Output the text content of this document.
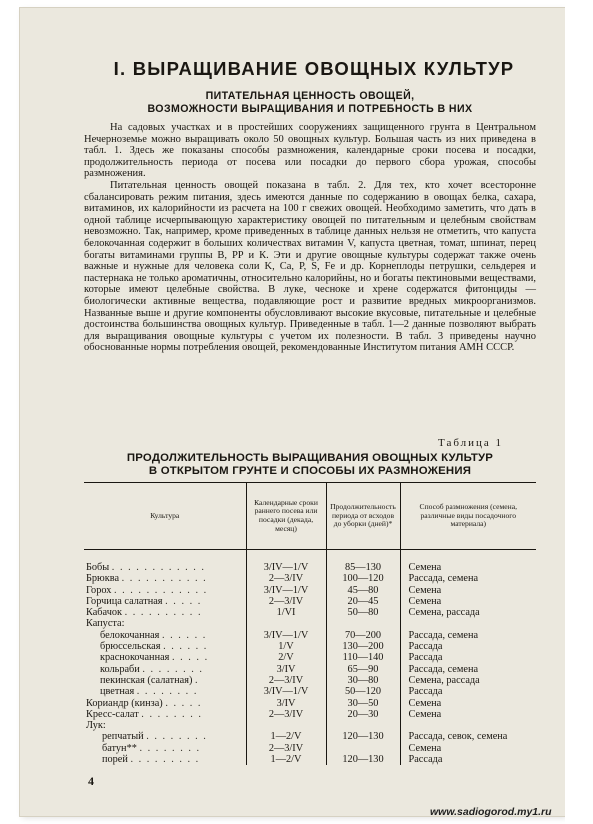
I. ВЫРАЩИВАНИЕ ОВОЩНЫХ КУЛЬТУР
ПИТАТЕЛЬНАЯ ЦЕННОСТЬ ОВОЩЕЙ,
ВОЗМОЖНОСТИ ВЫРАЩИВАНИЯ И ПОТРЕБНОСТЬ В НИХ

На садовых участках и в простейших сооружениях защищенного грунта в Центральном Нечерноземье можно выращивать около 50 овощных культур. Большая часть из них приведена в табл. 1. Здесь же показаны способы размножения, календарные сроки посева и посадки, продолжительность периода от посева или посадки до первого сбора урожая, способы размножения.

Питательная ценность овощей показана в табл. 2. Для тех, кто хочет всесторонне сбалансировать режим питания, здесь имеются данные по содержанию в овощах белка, сахара, витаминов, их калорийности из расчета на 100 г свежих овощей. Необходимо заметить, что дать в одной таблице исчерпывающую характеристику овощей по питательным и целебным свойствам невозможно. Так, например, кроме приведенных в таблице данных нельзя не отметить, что капуста белокочанная содержит в больших количествах витамин V, капуста цветная, томат, шпинат, перец богаты витаминами группы В, РР и К. Эти и другие овощные культуры содержат также очень важные и нужные для человека соли K, Ca, P, S, Fe и др. Корнеплоды петрушки, сельдерея и пастернака не только ароматичны, относительно калорийны, но и богаты пектиновыми веществами, которые имеют целебные свойства. В луке, чесноке и хрене содержатся фитонциды — биологически активные вещества, подавляющие рост и развитие вредных микроорганизмов. Названные выше и другие компоненты обусловливают высокие вкусовые, питательные и целебные достоинства большинства овощных культур. Приведенные в табл. 1—2 данные позволяют выбрать для выращивания овощные культуры с учетом их полезности. В табл. 3 приведены научно обоснованные нормы потребления овощей, рекомендованные Институтом питания АМН СССР.

Таблица 1
ПРОДОЛЖИТЕЛЬНОСТЬ ВЫРАЩИВАНИЯ ОВОЩНЫХ КУЛЬТУР
В ОТКРЫТОМ ГРУНТЕ И СПОСОБЫ ИХ РАЗМНОЖЕНИЯ
Культура	Календарные сроки раннего посева или посадки (декада, месяц)	Продолжительность периода от всходов до уборки (дней)*	Способ размножения (семена, различные виды посадочного материала)

Бобы . . . . . . . . . . . .	3/IV—1/V	85—130	Семена
Брюква . . . . . . . . . . .	2—3/IV	100—120	Рассада, семена
Горох . . . . . . . . . . . .	3/IV—1/V	45—80	Семена
Горчица салатная . . . . .	2—3/IV	20—45	Семена
Кабачок . . . . . . . . . .	1/VI	50—80	Семена, рассада
Капуста:			
белокочанная . . . . . .	3/IV—1/V	70—200	Рассада, семена
брюссельская . . . . . .	1/V	130—200	Рассада
краснокочанная . . . . .	2/V	110—140	Рассада
кольраби . . . . . . . .	3/IV	65—90	Рассада, семена
пекинская (салатная) .	2—3/IV	30—80	Семена, рассада
цветная . . . . . . . .	3/IV—1/V	50—120	Рассада
Кориандр (кинза) . . . . .	3/IV	30—50	Семена
Кресс-салат . . . . . . . .	2—3/IV	20—30	Семена
Лук:			
репчатый . . . . . . . .	1—2/V	120—130	Рассада, севок, семена
батун** . . . . . . . .	2—3/IV		Семена
порей . . . . . . . . .	1—2/V	120—130	Рассада
4
www.sadiogorod.my1.ru
